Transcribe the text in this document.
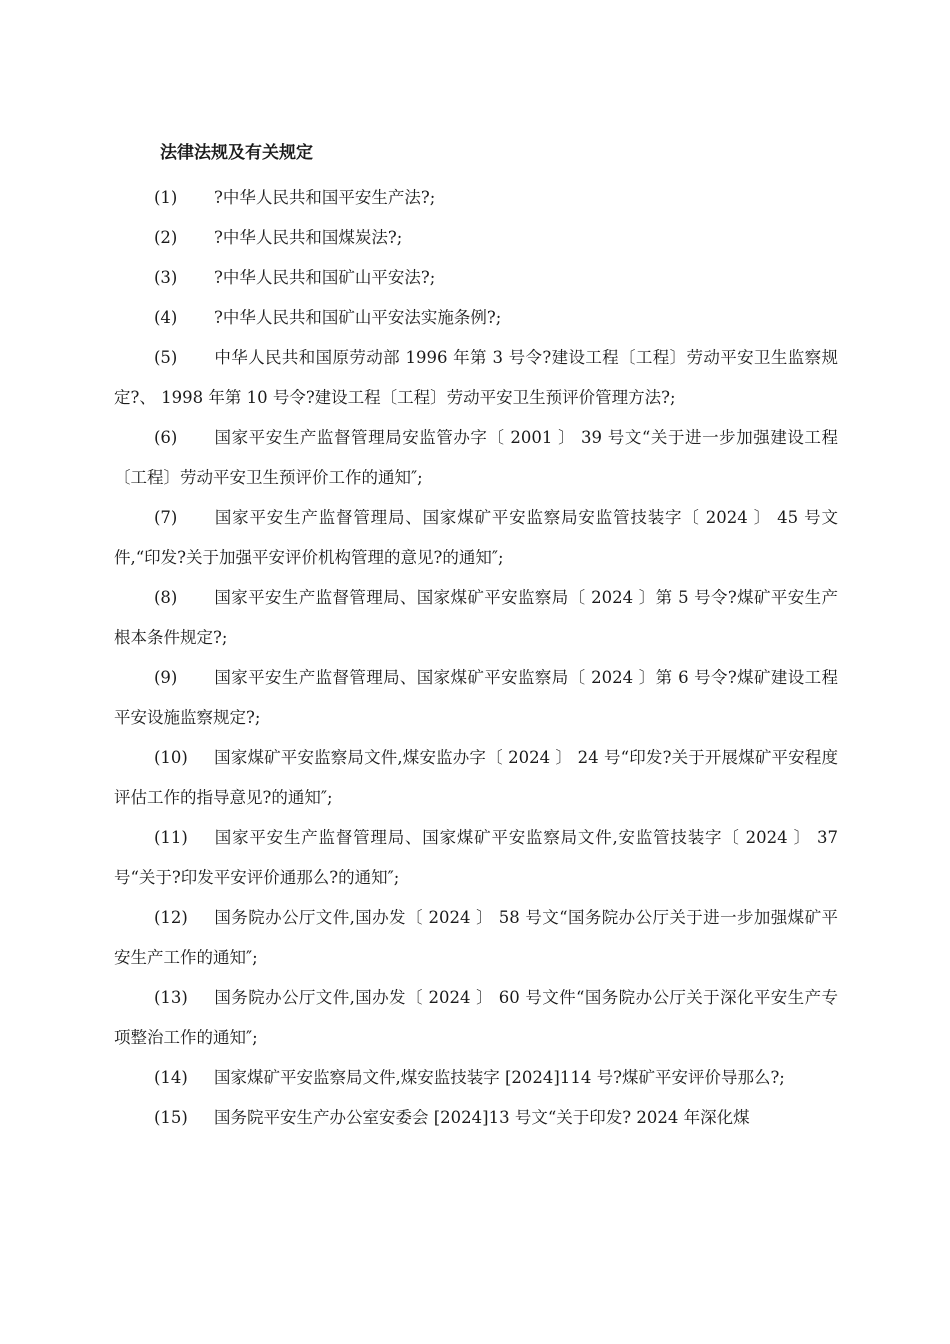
法律法规及有关规定

(1) ?中华人民共和国平安生产法?;

(2) ?中华人民共和国煤炭法?;

(3) ?中华人民共和国矿山平安法?;

(4) ?中华人民共和国矿山平安法实施条例?;

(5) 中华人民共和国原劳动部 1996 年第 3 号令?建设工程〔工程〕劳动平安卫生监察规定?、 1998 年第 10 号令?建设工程〔工程〕劳动平安卫生预评价管理方法?;

(6) 国家平安生产监督管理局安监管办字〔 2001 〕 39 号文“关于进一步加强建设工程〔工程〕劳动平安卫生预评价工作的通知″;

(7) 国家平安生产监督管理局、国家煤矿平安监察局安监管技装字〔 2024 〕 45 号文件,“印发?关于加强平安评价机构管理的意见?的通知″;

(8) 国家平安生产监督管理局、国家煤矿平安监察局〔 2024 〕第 5 号令?煤矿平安生产根本条件规定?;

(9) 国家平安生产监督管理局、国家煤矿平安监察局〔 2024 〕第 6 号令?煤矿建设工程平安设施监察规定?;

(10) 国家煤矿平安监察局文件,煤安监办字〔 2024 〕 24 号“印发?关于开展煤矿平安程度评估工作的指导意见?的通知″;

(11) 国家平安生产监督管理局、国家煤矿平安监察局文件,安监管技装字〔 2024 〕 37 号“关于?印发平安评价通那么?的通知″;

(12) 国务院办公厅文件,国办发〔 2024 〕 58 号文“国务院办公厅关于进一步加强煤矿平安生产工作的通知″;

(13) 国务院办公厅文件,国办发〔 2024 〕 60 号文件“国务院办公厅关于深化平安生产专项整治工作的通知″;

(14) 国家煤矿平安监察局文件,煤安监技装字 [2024]114 号?煤矿平安评价导那么?;

(15) 国务院平安生产办公室安委会 [2024]13 号文“关于印发? 2024 年深化煤
